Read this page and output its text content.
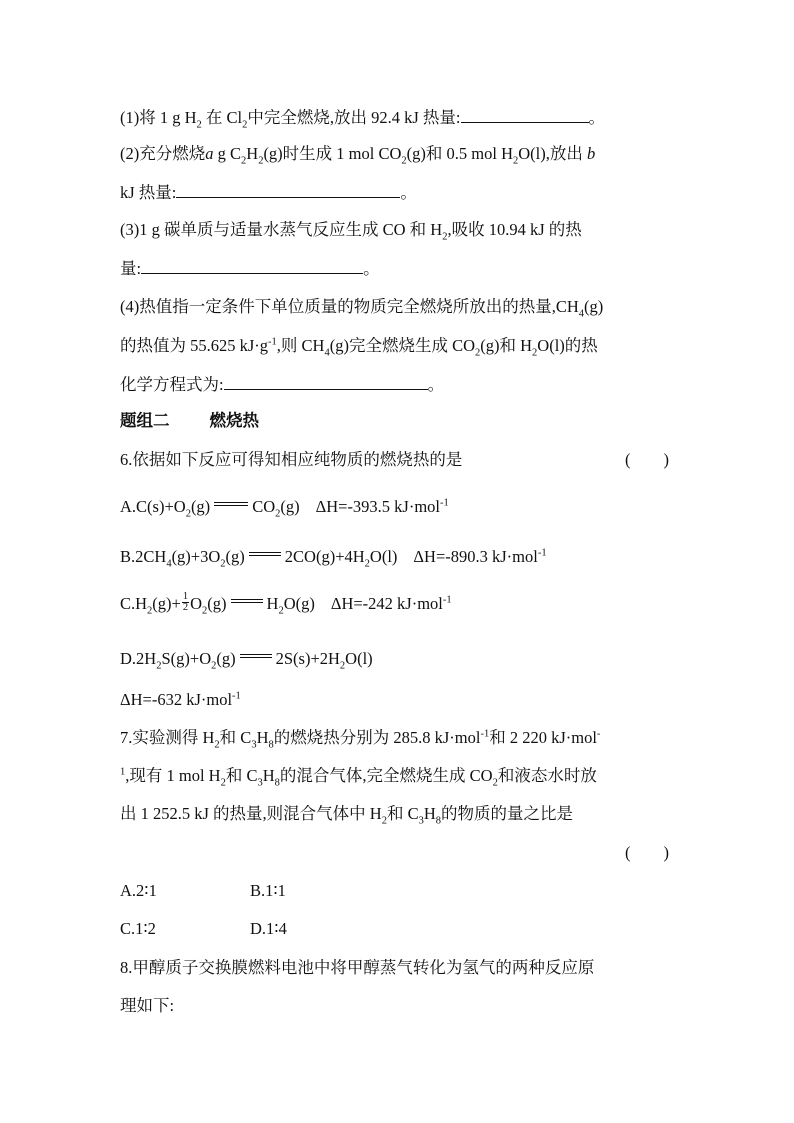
(1)将 1 g $H_2$ 在 $Cl_2$中完全燃烧,放出 92.4 kJ 热量:	。
(2)充分燃烧a g $C_2H_2(g)$时生成 1 mol $CO_2(g)$和 0.5 mol $H_2O(l)$,放出 b
kJ 热量:	。
(3)1 g 碳单质与适量水蒸气反应生成 CO 和 $H_2$,吸收 10.94 kJ 的热
量:	。
(4)热值指一定条件下单位质量的物质完全燃烧所放出的热量$,CH_4(g)$
的热值为 55.625 $kJ\cdot g^{-1}$,则 $CH_4(g)$完全燃烧生成 $CO_2(g)$和 $H_2O(l)$的热
化学方程式为:	。
题组二 燃烧热
6.依据如下反应可得知相应纯物质的燃烧热的是	(　　)
$A.C(s)+O_2(g)$	$CO_2(g)$ ΔH=-393.5 kJ·mol$^{-1}$
$B.2CH_4(g)+3O_2(g)$ $2CO(g)+4H_2O(l)$ ΔH=-890.3 kJ·mol$^{-1}$
$C.H_2(g)+ \frac{1}{2} O_2(g)$ $H_2O(g)$ ΔH=-242 kJ·mol$^{-1}$
$D.2H_2S(g)+O_2(g)$ $2S(s)+2H_2O(l)$
ΔH=-632 kJ·mol$^{-1}$
7.实验测得 $H_2$和 $C_3H_8$的燃烧热分别为 285.8 kJ·mol$^{-1}$和 2 220 kJ·mol-
$^1$,现有 1 mol $H_2$和 $C_3H_8$的混合气体,完全燃烧生成 $CO_2$和液态水时放
出 1 252.5 kJ 的热量,则混合气体中 $H_2$和 $C_3H_8$的物质的量之比是
(　　)
A.2∶1	B.1∶1
C.1∶2	D.1∶4
8.甲醇质子交换膜燃料电池中将甲醇蒸气转化为氢气的两种反应原
理如下:
